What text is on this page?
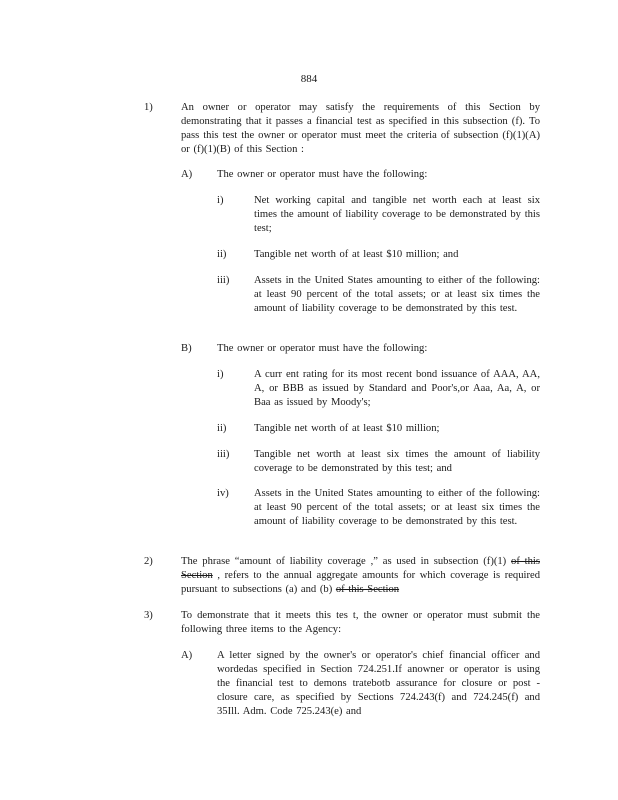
884
1)	An owner or operator may satisfy the requirements of this Section by demonstrating that it passes a financial test as specified in this subsection (f). To pass this test the owner or operator must meet the criteria of subsection (f)(1)(A) or (f)(1)(B) of this Section :
A) The owner or operator must have the following:
i)	Net working capital and tangible net worth each at least six times the amount of liability coverage to be demonstrated by this test;
ii)	Tangible net worth of at least $10 million; and
iii) Assets in the United States amounting to either of the following: at least 90 percent of the total assets; or at least six times the amount of liability coverage to be demonstrated by this test.
B) The owner or operator must have the following:
i)	A curr ent rating for its most recent bond issuance of AAA, AA, A, or BBB as issued by Standard and Poor's,or Aaa, Aa, A, or Baa as issued by Moody's;
ii)	Tangible net worth of at least $10 million;
iii) Tangible net worth at least six times the amount of liability coverage to be demonstrated by this test; and
iv) Assets in the United States amounting to either of the following: at least 90 percent of the total assets; or at least six times the amount of liability coverage to be demonstrated by this test.
2)	The phrase “amount of liability coverage ,” as used in subsection (f)(1) of this Section , refers to the annual aggregate amounts for which coverage is required pursuant to subsections (a) and (b) of this Section
3)	To demonstrate that it meets this tes t, the owner or operator must submit the following three items to the Agency:
A) A letter signed by the owner's or operator's chief financial officer and wordedas specified in Section 724.251.If anowner or operator is using the financial test to demons tratebotb assurance for closure or post -closure care, as specified by Sections 724.243(f) and 724.245(f) and 35Ill. Adm. Code 725.243(e) and
